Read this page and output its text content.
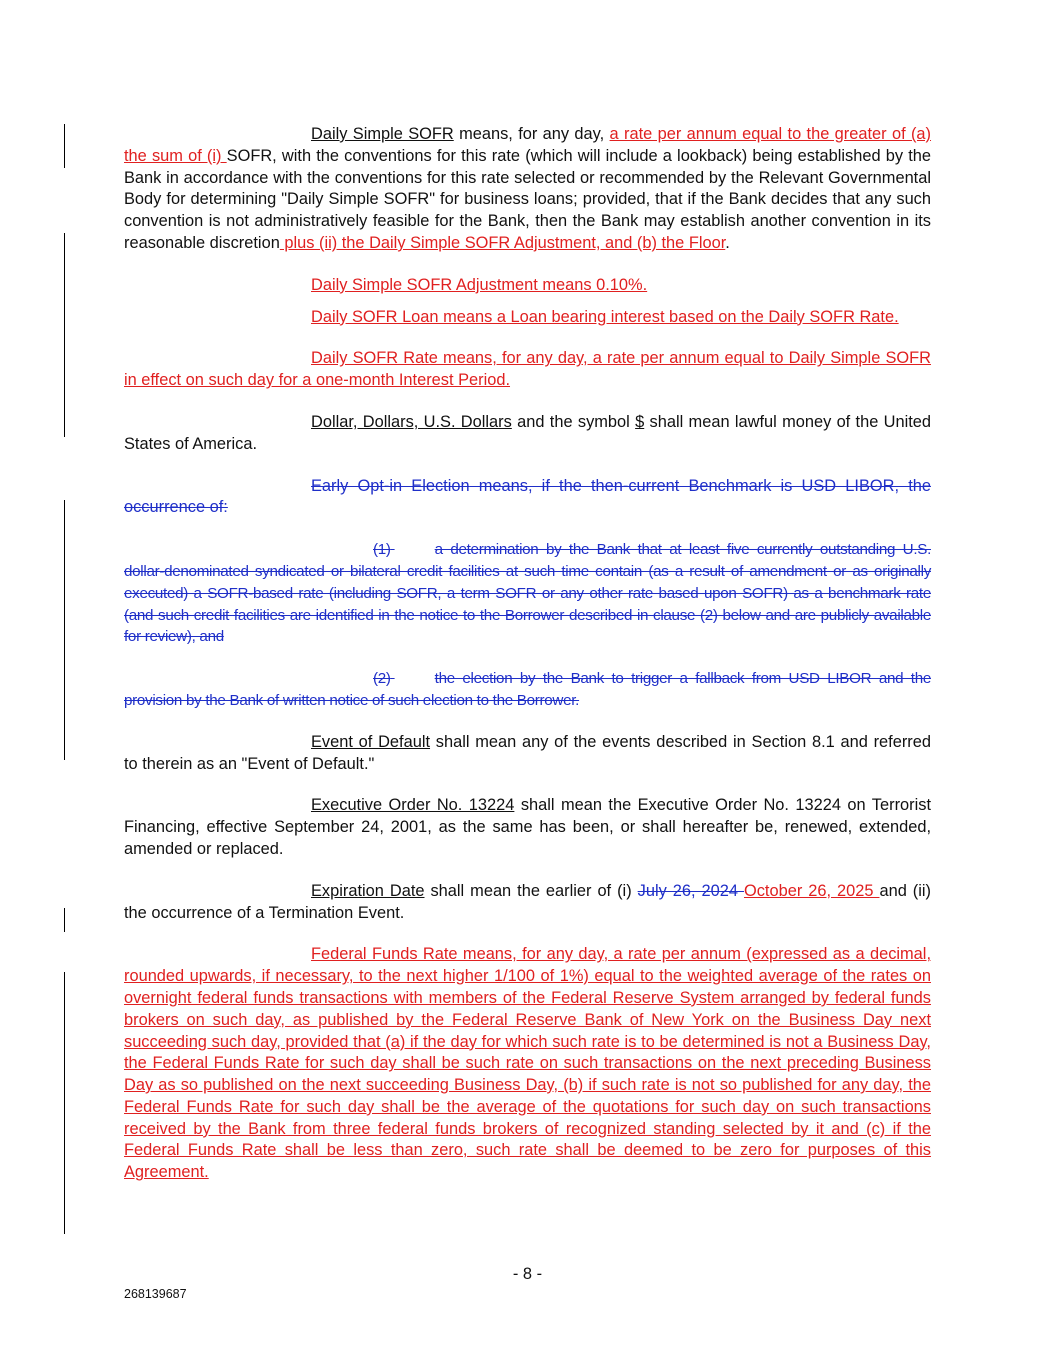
Daily Simple SOFR means, for any day, a rate per annum equal to the greater of (a) the sum of (i) SOFR, with the conventions for this rate (which will include a lookback) being established by the Bank in accordance with the conventions for this rate selected or recommended by the Relevant Governmental Body for determining "Daily Simple SOFR" for business loans; provided, that if the Bank decides that any such convention is not administratively feasible for the Bank, then the Bank may establish another convention in its reasonable discretion plus (ii) the Daily Simple SOFR Adjustment, and (b) the Floor.

Daily Simple SOFR Adjustment means 0.10%.

Daily SOFR Loan means a Loan bearing interest based on the Daily SOFR Rate.

Daily SOFR Rate means, for any day, a rate per annum equal to Daily Simple SOFR in effect on such day for a one-month Interest Period.

Dollar, Dollars, U.S. Dollars and the symbol $ shall mean lawful money of the United States of America.

Early Opt-in Election means, if the then-current Benchmark is USD LIBOR, the occurrence of:

(1)	a determination by the Bank that at least five currently outstanding U.S. dollar-denominated syndicated or bilateral credit facilities at such time contain (as a result of amendment or as originally executed) a SOFR-based rate (including SOFR, a term SOFR or any other rate based upon SOFR) as a benchmark rate (and such credit facilities are identified in the notice to the Borrower described in clause (2) below and are publicly available for review), and

(2)	the election by the Bank to trigger a fallback from USD LIBOR and the provision by the Bank of written notice of such election to the Borrower.

Event of Default shall mean any of the events described in Section 8.1 and referred to therein as an "Event of Default."

Executive Order No. 13224 shall mean the Executive Order No. 13224 on Terrorist Financing, effective September 24, 2001, as the same has been, or shall hereafter be, renewed, extended, amended or replaced.

Expiration Date shall mean the earlier of (i) July 26, 2024 October 26, 2025 and (ii) the occurrence of a Termination Event.

Federal Funds Rate means, for any day, a rate per annum (expressed as a decimal, rounded upwards, if necessary, to the next higher 1/100 of 1%) equal to the weighted average of the rates on overnight federal funds transactions with members of the Federal Reserve System arranged by federal funds brokers on such day, as published by the Federal Reserve Bank of New York on the Business Day next succeeding such day, provided that (a) if the day for which such rate is to be determined is not a Business Day, the Federal Funds Rate for such day shall be such rate on such transactions on the next preceding Business Day as so published on the next succeeding Business Day, (b) if such rate is not so published for any day, the Federal Funds Rate for such day shall be the average of the quotations for such day on such transactions received by the Bank from three federal funds brokers of recognized standing selected by it and (c) if the Federal Funds Rate shall be less than zero, such rate shall be deemed to be zero for purposes of this Agreement.

- 8 -
268139687
